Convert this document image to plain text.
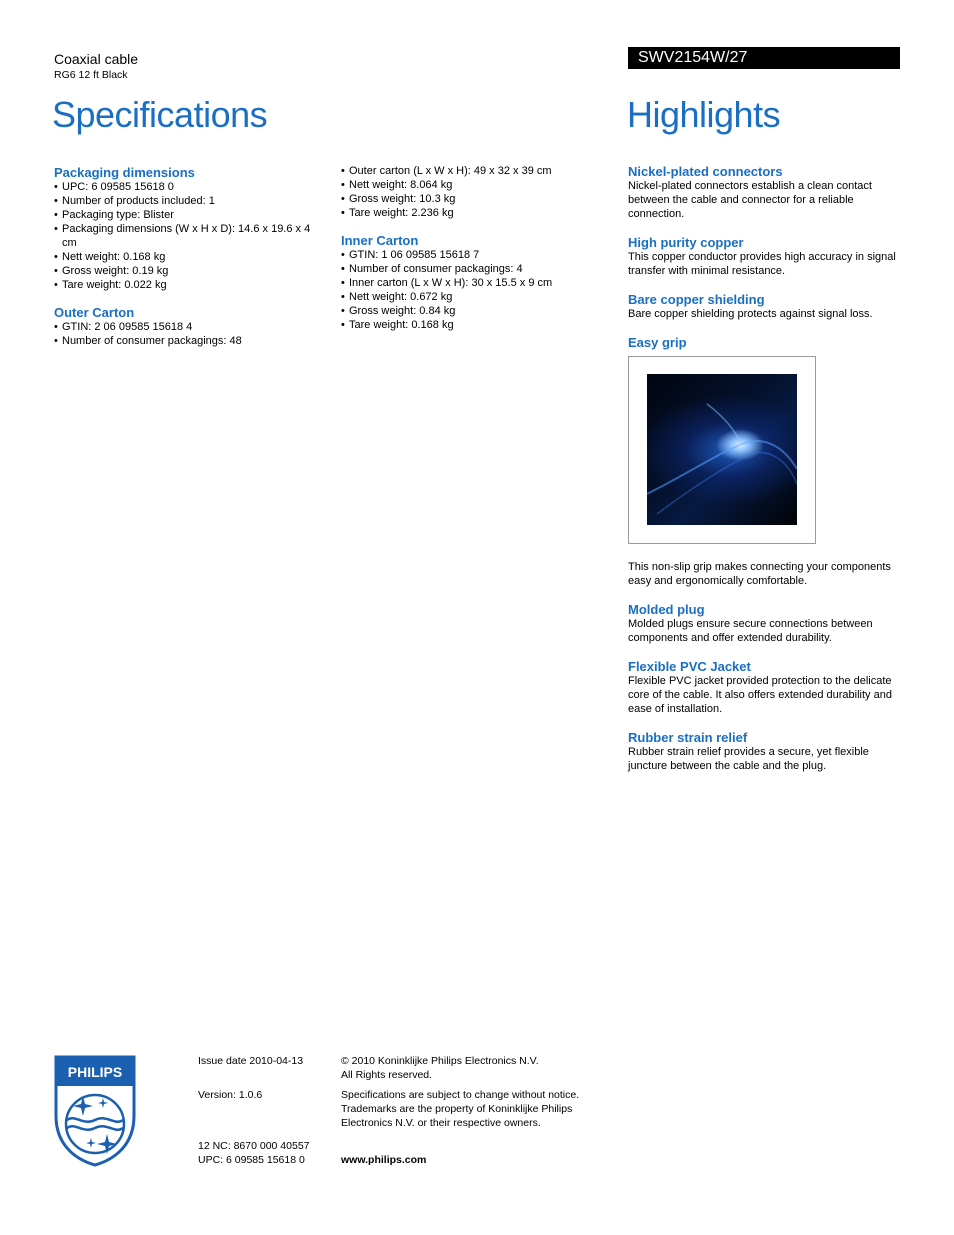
Coaxial cable
RG6 12 ft Black
Specifications
SWV2154W/27
Highlights
Packaging dimensions
• UPC: 6 09585 15618 0
• Number of products included: 1
• Packaging type: Blister
• Packaging dimensions (W x H x D): 14.6 x 19.6 x 4 cm
• Nett weight: 0.168 kg
• Gross weight: 0.19 kg
• Tare weight: 0.022 kg
Outer Carton
• GTIN: 2 06 09585 15618 4
• Number of consumer packagings: 48
• Outer carton (L x W x H): 49 x 32 x 39 cm
• Nett weight: 8.064 kg
• Gross weight: 10.3 kg
• Tare weight: 2.236 kg
Inner Carton
• GTIN: 1 06 09585 15618 7
• Number of consumer packagings: 4
• Inner carton (L x W x H): 30 x 15.5 x 9 cm
• Nett weight: 0.672 kg
• Gross weight: 0.84 kg
• Tare weight: 0.168 kg
Nickel-plated connectors
Nickel-plated connectors establish a clean contact between the cable and connector for a reliable connection.
High purity copper
This copper conductor provides high accuracy in signal transfer with minimal resistance.
Bare copper shielding
Bare copper shielding protects against signal loss.
Easy grip
This non-slip grip makes connecting your components easy and ergonomically comfortable.
Molded plug
Molded plugs ensure secure connections between components and offer extended durability.
Flexible PVC Jacket
Flexible PVC jacket provided protection to the delicate core of the cable. It also offers extended durability and ease of installation.
Rubber strain relief
Rubber strain relief provides a secure, yet flexible juncture between the cable and the plug.
PHILIPS
Issue date 2010-04-13
Version: 1.0.6
12 NC: 8670 000 40557
UPC: 6 09585 15618 0
© 2010 Koninklijke Philips Electronics N.V.
All Rights reserved.
Specifications are subject to change without notice. Trademarks are the property of Koninklijke Philips Electronics N.V. or their respective owners.
www.philips.com
